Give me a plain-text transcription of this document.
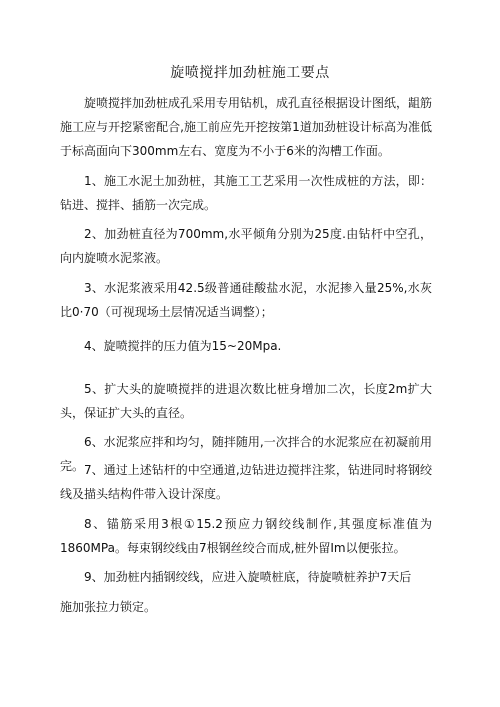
旋喷搅拌加劲桩施工要点

旋喷搅拌加劲桩成孔采用专用钻机，成孔直径根据设计图纸，龃筋施工应与开挖紧密配合,施工前应先开挖按第1道加劲桩设计标高为准低于标高面向下300mm左右、宽度为不小于6米的沟槽工作面。

1、施工水泥土加劲桩，其施工工艺采用一次性成桩的方法，即：钻进、搅拌、插筋一次完成。

2、加劲桩直径为700mm,水平倾角分别为25度.由钻杆中空孔，向内旋喷水泥浆液。

3、水泥浆液采用42.5级普通硅酸盐水泥，水泥掺入量25%,水灰比0·70（可视现场土层情况适当调整）；

4、旋喷搅拌的压力值为15~20Mpa.

5、扩大头的旋喷搅拌的进退次数比桩身增加二次，长度2m扩大头，保证扩大头的直径。

6、水泥浆应拌和均匀，随拌随用,一次拌合的水泥浆应在初凝前用完。 7、通过上述钻杆的中空通道,边钻进边搅拌注浆，钻进同时将钢绞线及描头结构件带入设计深度。

8、锚筋采用3根①15.2预应力钢绞线制作,其强度标准值为1860MPa。每束钢绞线由7根钢丝绞合而成,桩外留Im以便张拉。

9、加劲桩内插钢绞线，应进入旋喷桩底，待旋喷桩养护7天后

施加张拉力锁定。
